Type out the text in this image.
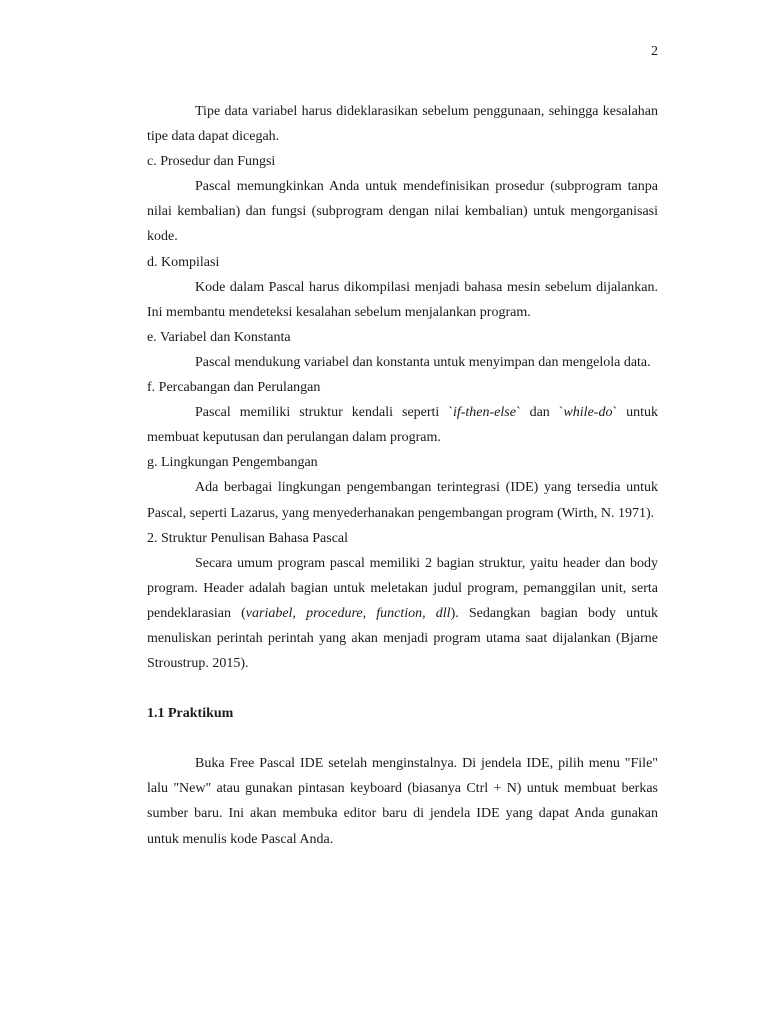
2

Tipe data variabel harus dideklarasikan sebelum penggunaan, sehingga kesalahan tipe data dapat dicegah.

c. Prosedur dan Fungsi

Pascal memungkinkan Anda untuk mendefinisikan prosedur (subprogram tanpa nilai kembalian) dan fungsi (subprogram dengan nilai kembalian) untuk mengorganisasi kode.

d. Kompilasi

Kode dalam Pascal harus dikompilasi menjadi bahasa mesin sebelum dijalankan. Ini membantu mendeteksi kesalahan sebelum menjalankan program.

e. Variabel dan Konstanta

Pascal mendukung variabel dan konstanta untuk menyimpan dan mengelola data.

f. Percabangan dan Perulangan

Pascal memiliki struktur kendali seperti `if-then-else` dan `while-do` untuk membuat keputusan dan perulangan dalam program.

g. Lingkungan Pengembangan

Ada berbagai lingkungan pengembangan terintegrasi (IDE) yang tersedia untuk Pascal, seperti Lazarus, yang menyederhanakan pengembangan program (Wirth, N. 1971).

2. Struktur Penulisan Bahasa Pascal

Secara umum program pascal memiliki 2 bagian struktur, yaitu header dan body program. Header adalah bagian untuk meletakan judul program, pemanggilan unit, serta pendeklarasian (variabel, procedure, function, dll). Sedangkan bagian body untuk menuliskan perintah perintah yang akan menjadi program utama saat dijalankan (Bjarne Stroustrup. 2015).

1.1 Praktikum

Buka Free Pascal IDE setelah menginstalnya. Di jendela IDE, pilih menu "File" lalu "New" atau gunakan pintasan keyboard (biasanya Ctrl + N) untuk membuat berkas sumber baru. Ini akan membuka editor baru di jendela IDE yang dapat Anda gunakan untuk menulis kode Pascal Anda.
